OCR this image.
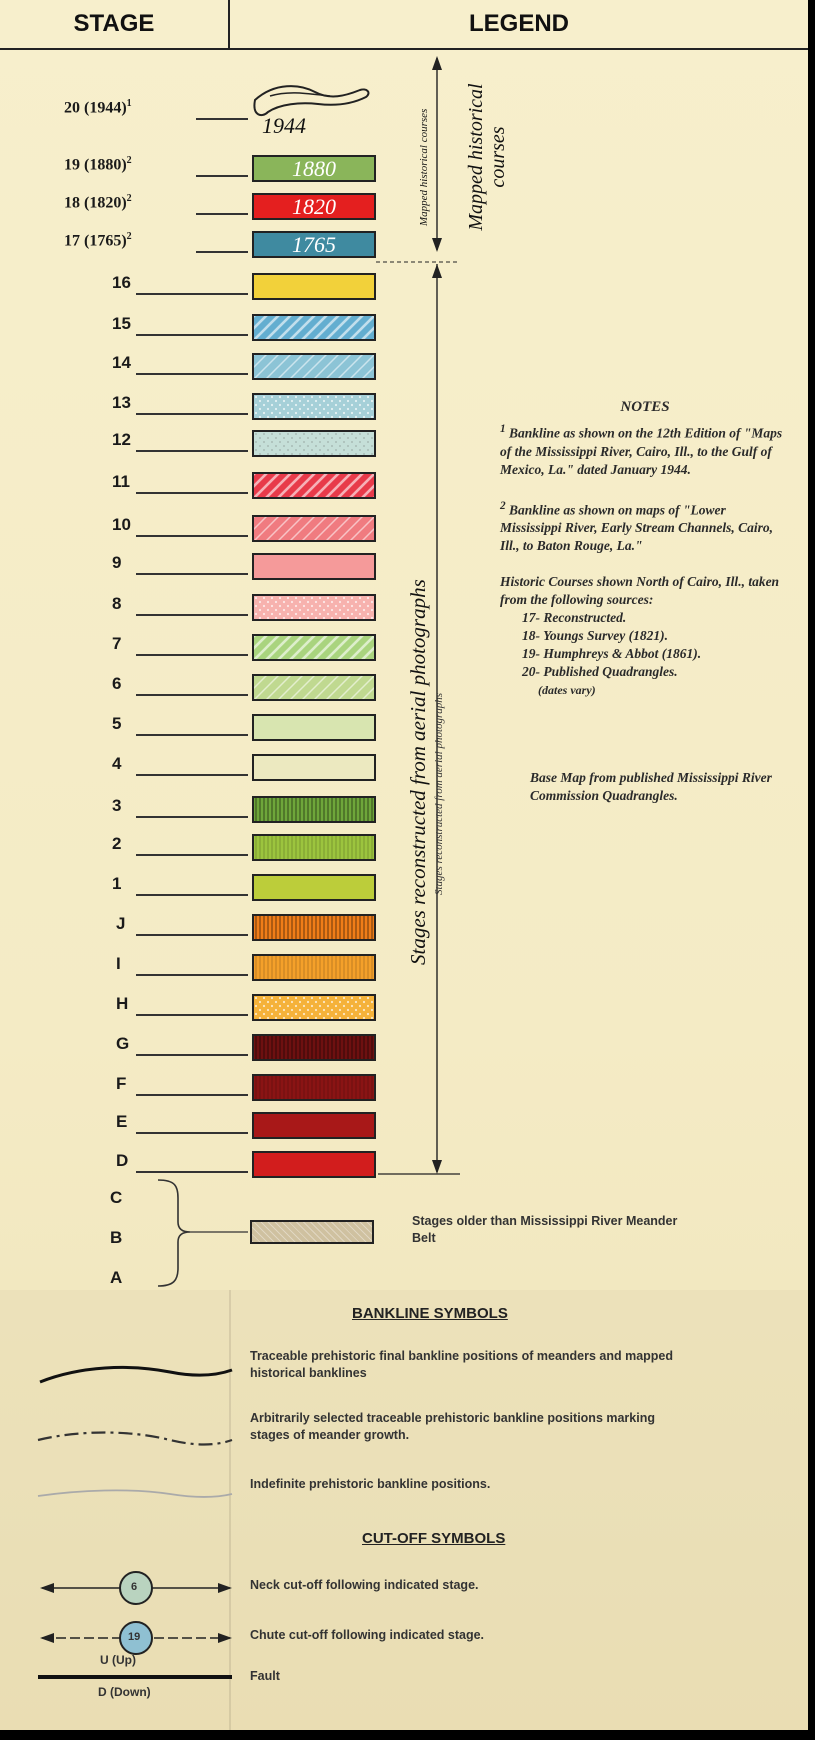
STAGE	LEGEND
20 $(1944)^1$
19 $(1880)^2$
18 $(1820)^2$
17 $(1765)^2$
16
15
14
13
12
11
10
9
8
7
6
5
4
3
2
1
J
I
H
G
F
E
D
C
B
A
1880
1820
1765
1944	Mapped historical courses Mapped historical courses
Stages reconstructed from aerial photographs Stages reconstructed from aerial photographs
NOTES
$^1$ Bankline as shown on the 12th Edition of "Maps of the Mississippi River, Cairo, Ill., to the Gulf of Mexico, La." dated January 1944.
$^2$ Bankline as shown on maps of "Lower Mississippi River, Early Stream Channels, Cairo, Ill., to Baton Rouge, La."
Historic Courses shown North of Cairo, Ill., taken from the following sources:
17- Reconstructed.
18- Youngs Survey (1821).
19- Humphreys & Abbot (1861).
20- Published Quadrangles.
(dates vary)
Base Map from published Mississippi River Commission Quadrangles.
Stages older than Mississippi River Meander Belt
BANKLINE SYMBOLS
Traceable prehistoric final bankline positions of meanders and mapped historical banklines
Arbitrarily selected traceable prehistoric bankline positions marking stages of meander growth.
Indefinite prehistoric bankline positions.
CUT-OFF SYMBOLS
Neck cut-off following indicated stage.
Chute cut-off following indicated stage.
Fault
U (Up)
D (Down)
6
19
